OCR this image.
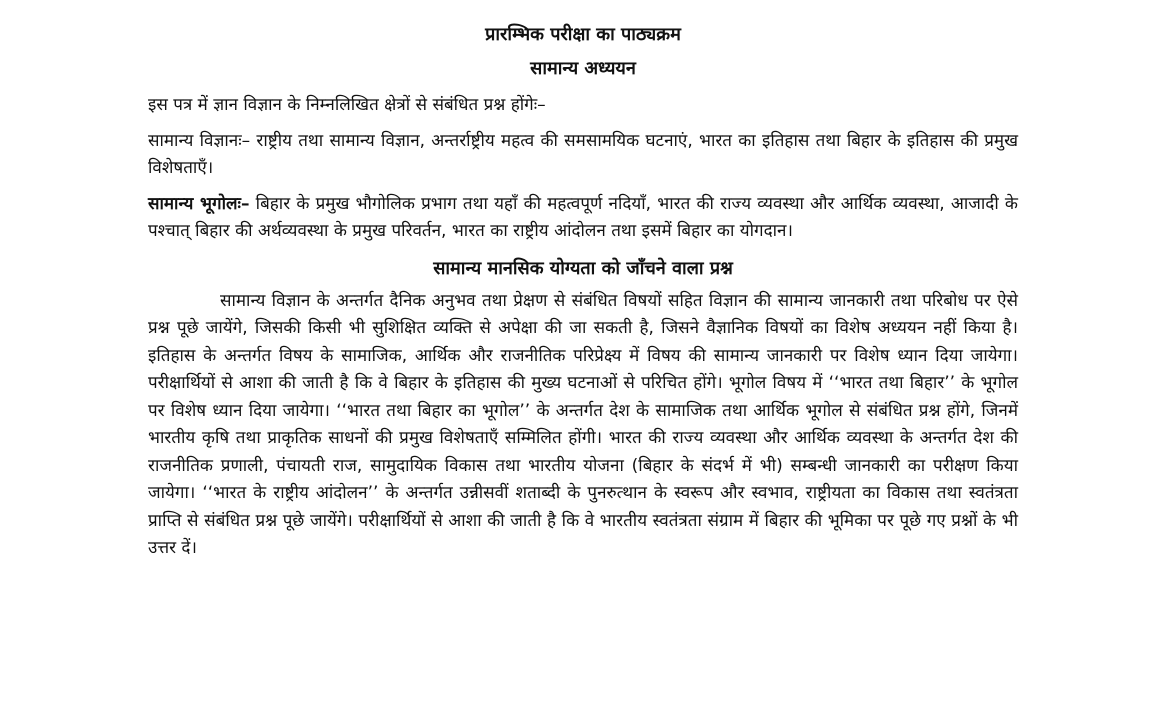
प्रारम्भिक परीक्षा का पाठ्यक्रम
सामान्य अध्ययन

इस पत्र में ज्ञान विज्ञान के निम्नलिखित क्षेत्रों से संबंधित प्रश्न होंगेः–

सामान्य विज्ञानः– राष्ट्रीय तथा सामान्य विज्ञान, अन्तर्राष्ट्रीय महत्व की समसामयिक घटनाएं, भारत का इतिहास तथा बिहार के इतिहास की प्रमुख विशेषताएँ।

सामान्य भूगोलः– बिहार के प्रमुख भौगोलिक प्रभाग तथा यहाँ की महत्वपूर्ण नदियाँ, भारत की राज्य व्यवस्था और आर्थिक व्यवस्था, आजादी के पश्चात् बिहार की अर्थव्यवस्था के प्रमुख परिवर्तन, भारत का राष्ट्रीय आंदोलन तथा इसमें बिहार का योगदान।

सामान्य मानसिक योग्यता को जाँचने वाला प्रश्न

सामान्य विज्ञान के अन्तर्गत दैनिक अनुभव तथा प्रेक्षण से संबंधित विषयों सहित विज्ञान की सामान्य जानकारी तथा परिबोध पर ऐसे प्रश्न पूछे जायेंगे, जिसकी किसी भी सुशिक्षित व्यक्ति से अपेक्षा की जा सकती है, जिसने वैज्ञानिक विषयों का विशेष अध्ययन नहीं किया है। इतिहास के अन्तर्गत विषय के सामाजिक, आर्थिक और राजनीतिक परिप्रेक्ष्य में विषय की सामान्य जानकारी पर विशेष ध्यान दिया जायेगा। परीक्षार्थियों से आशा की जाती है कि वे बिहार के इतिहास की मुख्य घटनाओं से परिचित होंगे। भूगोल विषय में ‘‘भारत तथा बिहार’’ के भूगोल पर विशेष ध्यान दिया जायेगा। ‘‘भारत तथा बिहार का भूगोल’’ के अन्तर्गत देश के सामाजिक तथा आर्थिक भूगोल से संबंधित प्रश्न होंगे, जिनमें भारतीय कृषि तथा प्राकृतिक साधनों की प्रमुख विशेषताएँ सम्मिलित होंगी। भारत की राज्य व्यवस्था और आर्थिक व्यवस्था के अन्तर्गत देश की राजनीतिक प्रणाली, पंचायती राज, सामुदायिक विकास तथा भारतीय योजना (बिहार के संदर्भ में भी) सम्बन्धी जानकारी का परीक्षण किया जायेगा। ‘‘भारत के राष्ट्रीय आंदोलन’’ के अन्तर्गत उन्नीसवीं शताब्दी के पुनरुत्थान के स्वरूप और स्वभाव, राष्ट्रीयता का विकास तथा स्वतंत्रता प्राप्ति से संबंधित प्रश्न पूछे जायेंगे। परीक्षार्थियों से आशा की जाती है कि वे भारतीय स्वतंत्रता संग्राम में बिहार की भूमिका पर पूछे गए प्रश्नों के भी उत्तर दें।
